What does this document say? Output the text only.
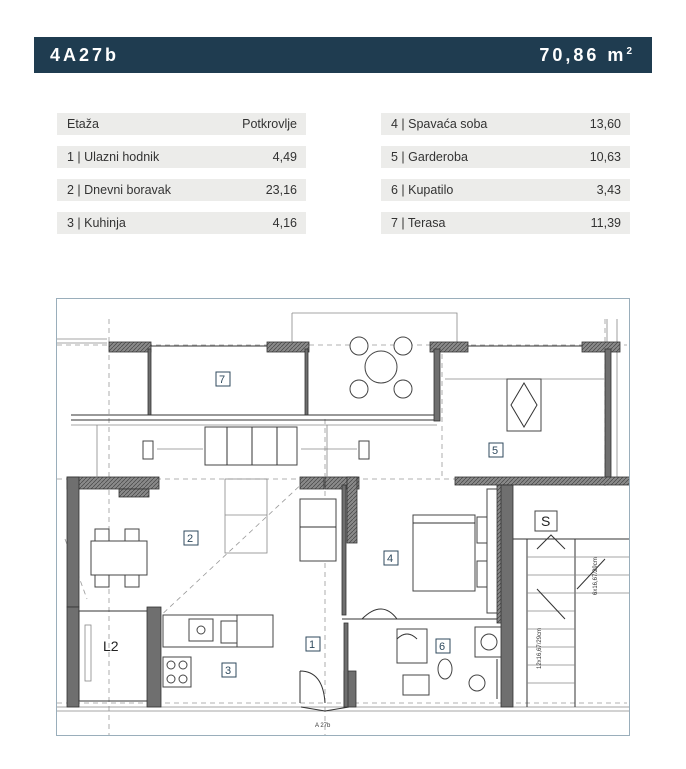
4A27b	70,86 $m^2$
Etaža	Potkrovlje
1 | Ulazni hodnik	4,49
2 | Dnevni boravak	23,16
3 | Kuhinja	4,16
4 | Spavaća soba	13,60
5 | Garderoba	10,63
6 | Kupatilo	3,43
7 | Terasa	11,39
7
5
2
4
1	6
3
S
L2
A 27b
12x16,67/29cm
6x16,67/29cm
